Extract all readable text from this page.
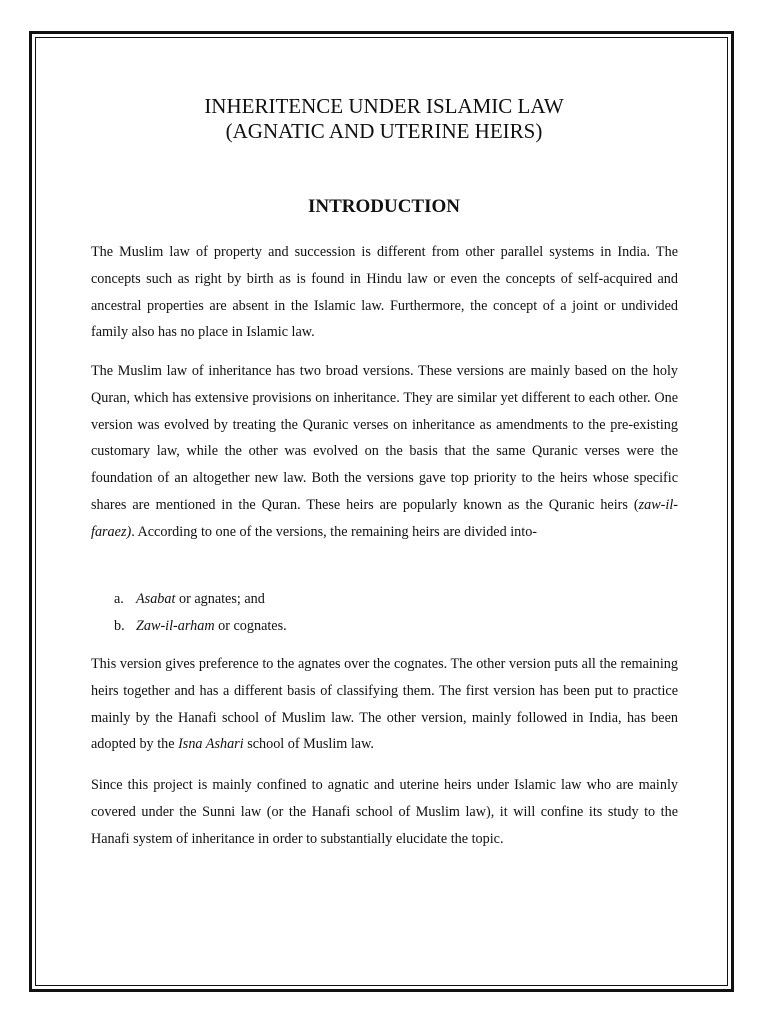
INHERITENCE UNDER ISLAMIC LAW
(AGNATIC AND UTERINE HEIRS)
INTRODUCTION

The Muslim law of property and succession is different from other parallel systems in India. The concepts such as right by birth as is found in Hindu law or even the concepts of self-acquired and ancestral properties are absent in the Islamic law. Furthermore, the concept of a joint or undivided family also has no place in Islamic law.

The Muslim law of inheritance has two broad versions. These versions are mainly based on the holy Quran, which has extensive provisions on inheritance. They are similar yet different to each other. One version was evolved by treating the Quranic verses on inheritance as amendments to the pre-existing customary law, while the other was evolved on the basis that the same Quranic verses were the foundation of an altogether new law. Both the versions gave top priority to the heirs whose specific shares are mentioned in the Quran. These heirs are popularly known as the Quranic heirs (zaw-il-faraez). According to one of the versions, the remaining heirs are divided into-

a. Asabat or agnates; and
b. Zaw-il-arham or cognates.

This version gives preference to the agnates over the cognates. The other version puts all the remaining heirs together and has a different basis of classifying them. The first version has been put to practice mainly by the Hanafi school of Muslim law. The other version, mainly followed in India, has been adopted by the Isna Ashari school of Muslim law.

Since this project is mainly confined to agnatic and uterine heirs under Islamic law who are mainly covered under the Sunni law (or the Hanafi school of Muslim law), it will confine its study to the Hanafi system of inheritance in order to substantially elucidate the topic.
